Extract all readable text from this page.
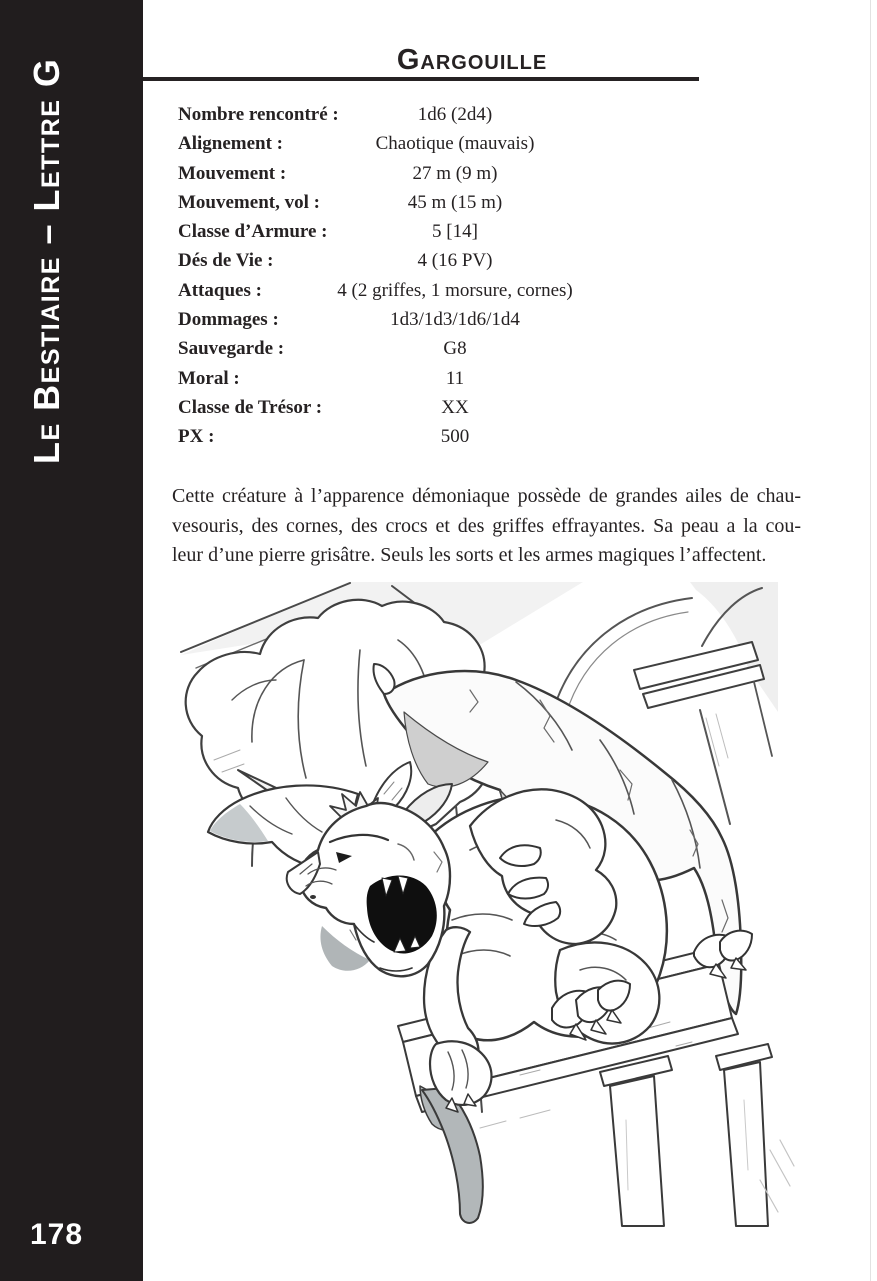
Le Bestiaire – Lettre G
178
Gargouille
Nombre rencontré :	1d6 (2d4)
Alignement :	Chaotique (mauvais)
Mouvement :	27 m (9 m)
Mouvement, vol :	45 m (15 m)
Classe d’Armure :	5 [14]
Dés de Vie :	4 (16 PV)
Attaques :	4 (2 griffes, 1 morsure, cornes)
Dommages :	1d3/1d3/1d6/1d4
Sauvegarde :	G8
Moral :	11
Classe de Trésor :	XX
PX :	500
Cette créature à l’apparence démoniaque possède de grandes ailes de chau-
vesouris, des cornes, des crocs et des griffes effrayantes. Sa peau a la cou-
leur d’une pierre grisâtre. Seuls les sorts et les armes magiques l’affectent.
